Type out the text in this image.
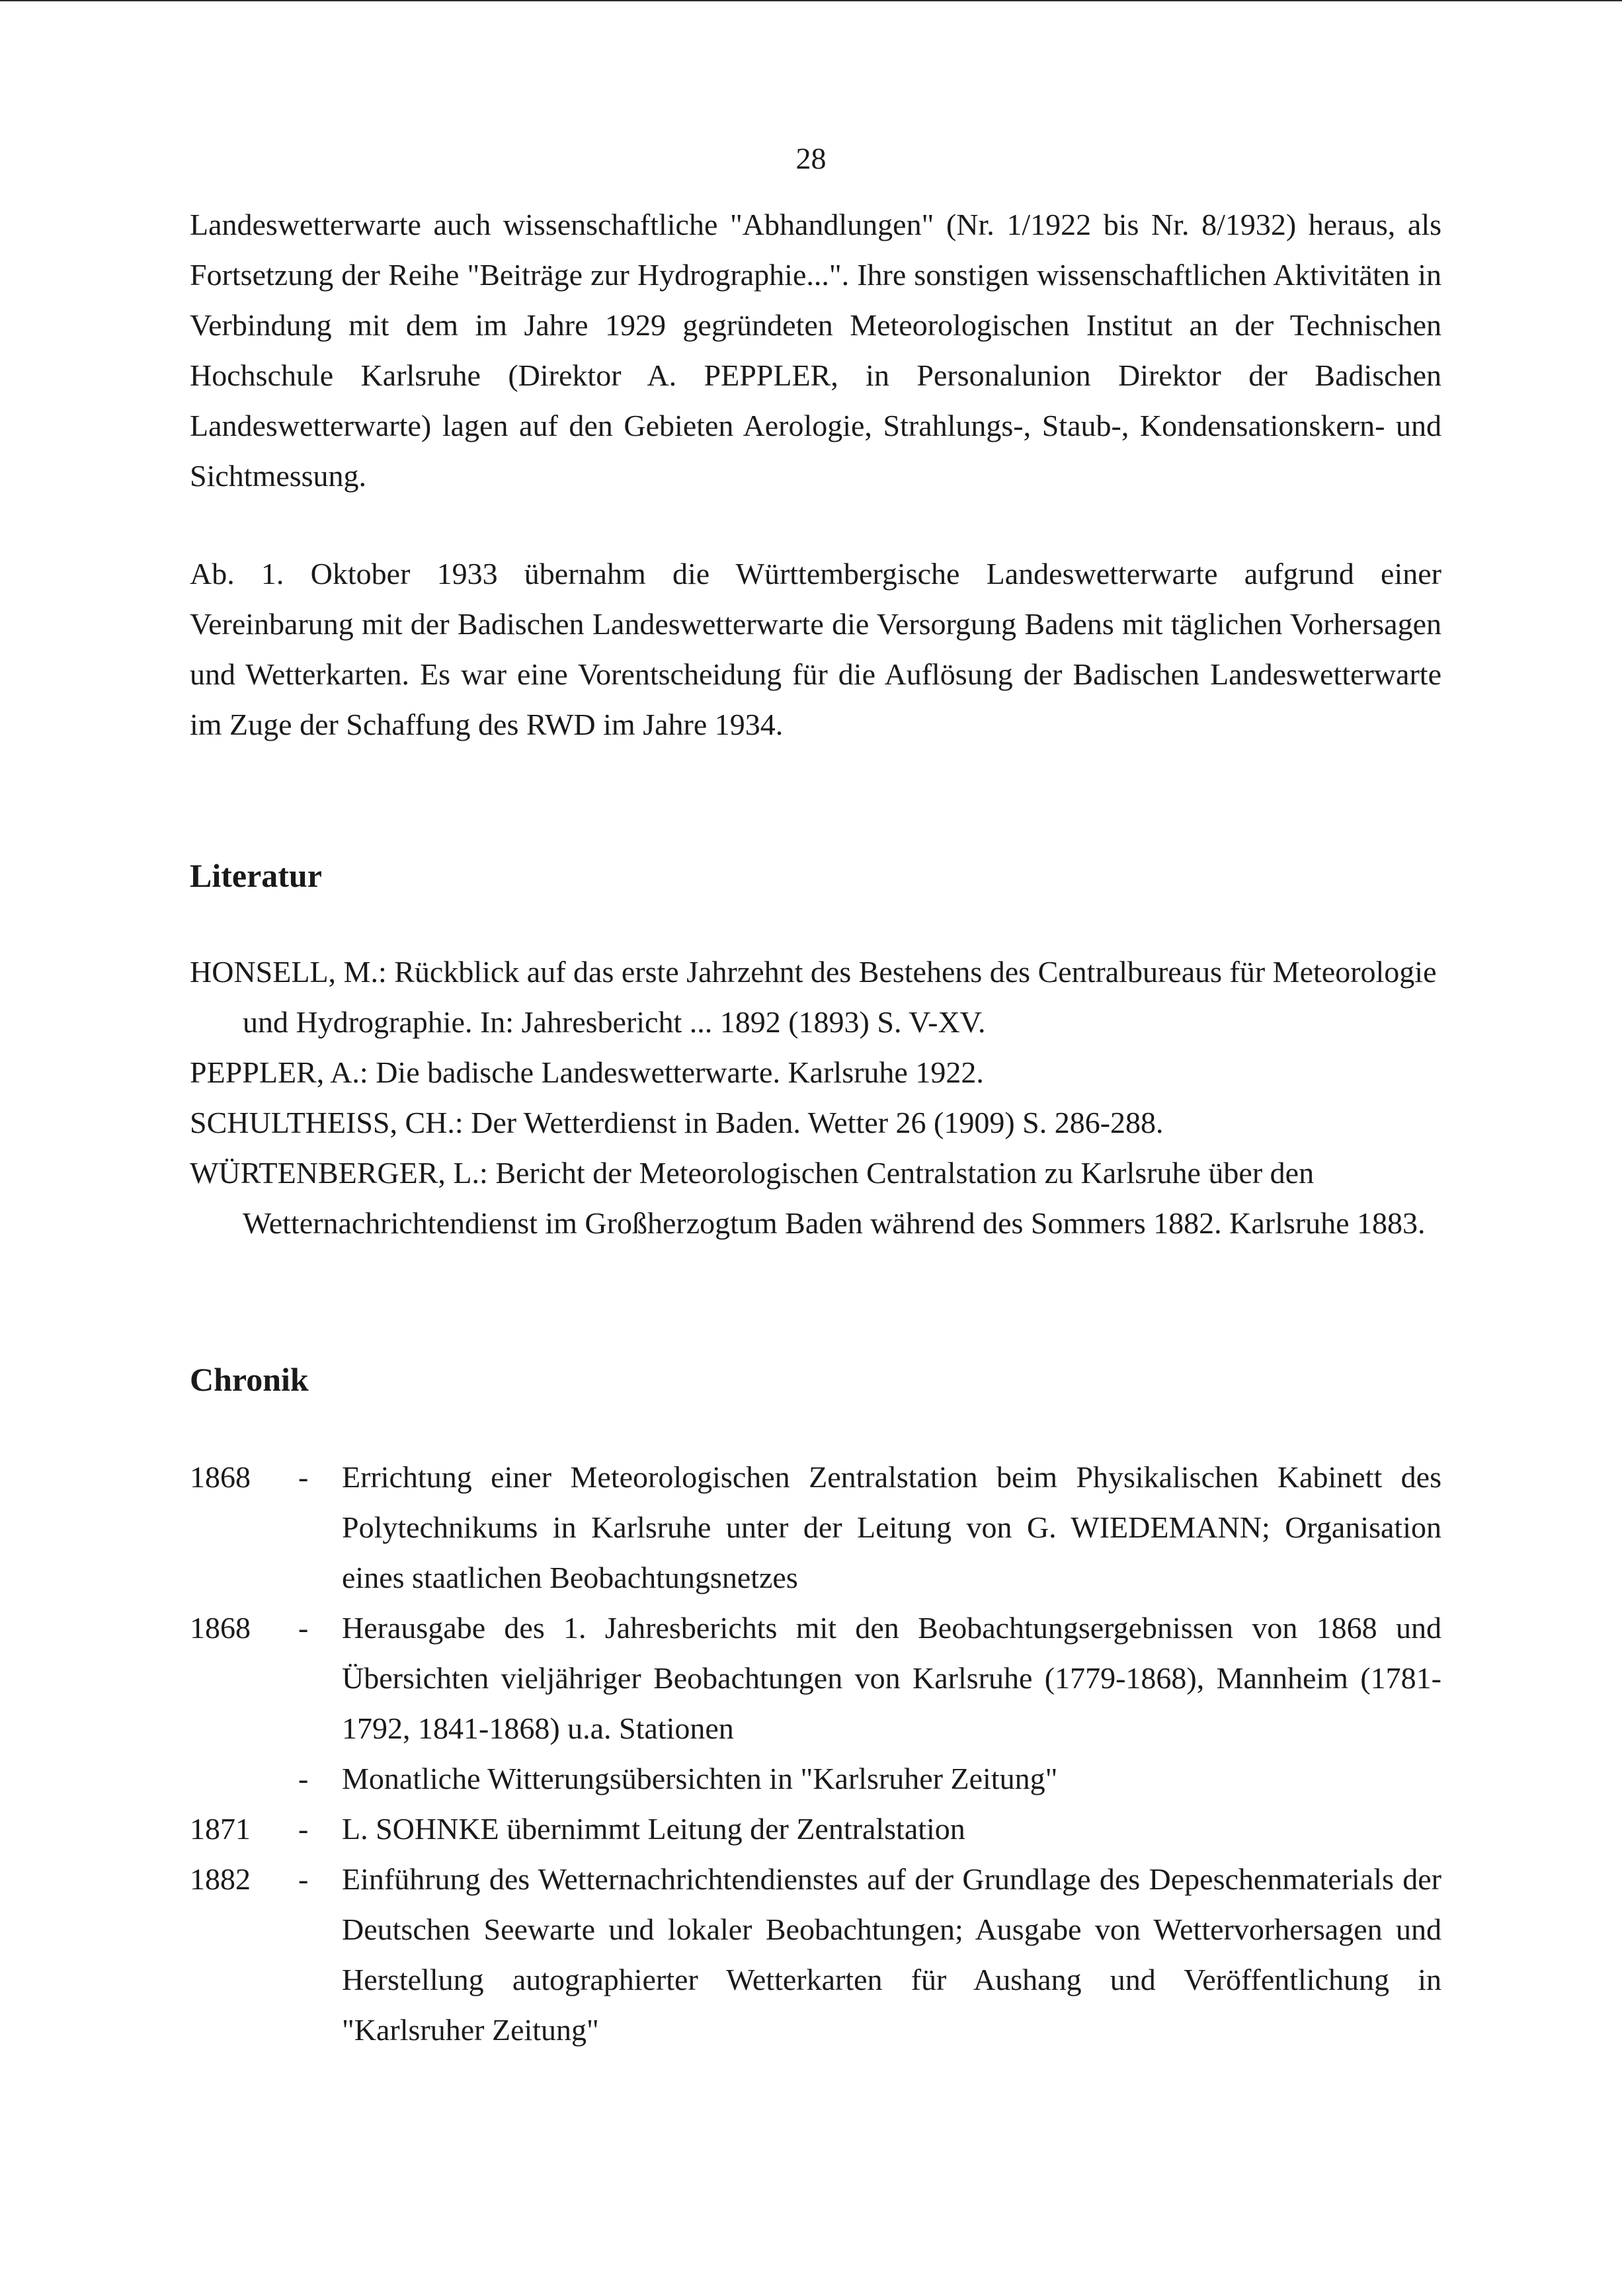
28

Landeswetterwarte auch wissenschaftliche "Abhandlungen" (Nr. 1/1922 bis Nr. 8/1932) heraus, als Fortsetzung der Reihe "Beiträge zur Hydrographie...". Ihre sonstigen wissenschaftlichen Aktivitäten in Verbindung mit dem im Jahre 1929 gegründeten Meteorologischen Institut an der Technischen Hochschule Karlsruhe (Direktor A. PEPPLER, in Personalunion Direktor der Badischen Landeswetterwarte) lagen auf den Gebieten Aerologie, Strahlungs-, Staub-, Kondensationskern- und Sichtmessung.

Ab. 1. Oktober 1933 übernahm die Württembergische Landeswetterwarte aufgrund einer Vereinbarung mit der Badischen Landeswetterwarte die Versorgung Badens mit täglichen Vorhersagen und Wetterkarten. Es war eine Vorentscheidung für die Auflösung der Badischen Landeswetterwarte im Zuge der Schaffung des RWD im Jahre 1934.

Literatur
HONSELL, M.: Rückblick auf das erste Jahrzehnt des Bestehens des Centralbureaus für Meteorologie und Hydrographie. In: Jahresbericht ... 1892 (1893) S. V-XV.
PEPPLER, A.: Die badische Landeswetterwarte. Karlsruhe 1922.
SCHULTHEISS, CH.: Der Wetterdienst in Baden. Wetter 26 (1909) S. 286-288.
WÜRTENBERGER, L.: Bericht der Meteorologischen Centralstation zu Karlsruhe über den Wetternachrichtendienst im Großherzogtum Baden während des Sommers 1882. Karlsruhe 1883.
Chronik
1868	-	Errichtung einer Meteorologischen Zentralstation beim Physikalischen Kabinett des Polytechnikums in Karlsruhe unter der Leitung von G. WIEDEMANN; Organisation eines staatlichen Beobachtungsnetzes
1868	-	Herausgabe des 1. Jahresberichts mit den Beobachtungsergebnissen von 1868 und Übersichten vieljähriger Beobachtungen von Karlsruhe (1779-1868), Mannheim (1781-1792, 1841-1868) u.a. Stationen
-	Monatliche Witterungsübersichten in "Karlsruher Zeitung"
1871	-	L. SOHNKE übernimmt Leitung der Zentralstation
1882	-	Einführung des Wetternachrichtendienstes auf der Grundlage des Depeschenmaterials der Deutschen Seewarte und lokaler Beobachtungen; Ausgabe von Wettervorhersagen und Herstellung autographierter Wetterkarten für Aushang und Veröffentlichung in "Karlsruher Zeitung"
